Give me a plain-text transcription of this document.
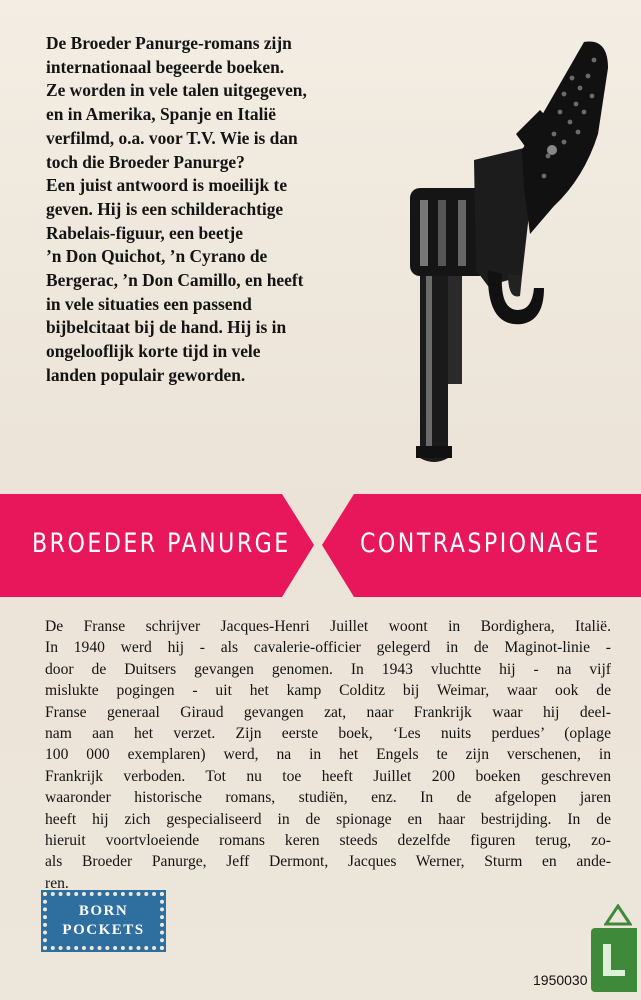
De Broeder Panurge-romans zijn
internationaal begeerde boeken.
Ze worden in vele talen uitgegeven,
en in Amerika, Spanje en Italië
verfilmd, o.a. voor T.V. Wie is dan
toch die Broeder Panurge?
Een juist antwoord is moeilijk te
geven. Hij is een schilderachtige
Rabelais-figuur, een beetje
’n Don Quichot, ’n Cyrano de
Bergerac, ’n Don Camillo, en heeft
in vele situaties een passend
bijbelcitaat bij de hand. Hij is in
ongelooflijk korte tijd in vele
landen populair geworden.
BROEDER PANURGE	CONTRASPIONAGE
De Franse schrijver Jacques-Henri Juillet woont in Bordighera, Italië.
In 1940 werd hij - als cavalerie-officier gelegerd in de Maginot-linie -
door de Duitsers gevangen genomen. In 1943 vluchtte hij - na vijf
mislukte pogingen - uit het kamp Colditz bij Weimar, waar ook de
Franse generaal Giraud gevangen zat, naar Frankrijk waar hij deel-
nam aan het verzet. Zijn eerste boek, ‘Les nuits perdues’ (oplage
100 000 exemplaren) werd, na in het Engels te zijn verschenen, in
Frankrijk verboden. Tot nu toe heeft Juillet 200 boeken geschreven
waaronder historische romans, studiën, enz. In de afgelopen jaren
heeft hij zich gespecialiseerd in de spionage en haar bestrijding. In de
hieruit voortvloeiende romans keren steeds dezelfde figuren terug, zo-
als Broeder Panurge, Jeff Dermont, Jacques Werner, Sturm en ande-
ren.
BORN
POCKETS
1950030
